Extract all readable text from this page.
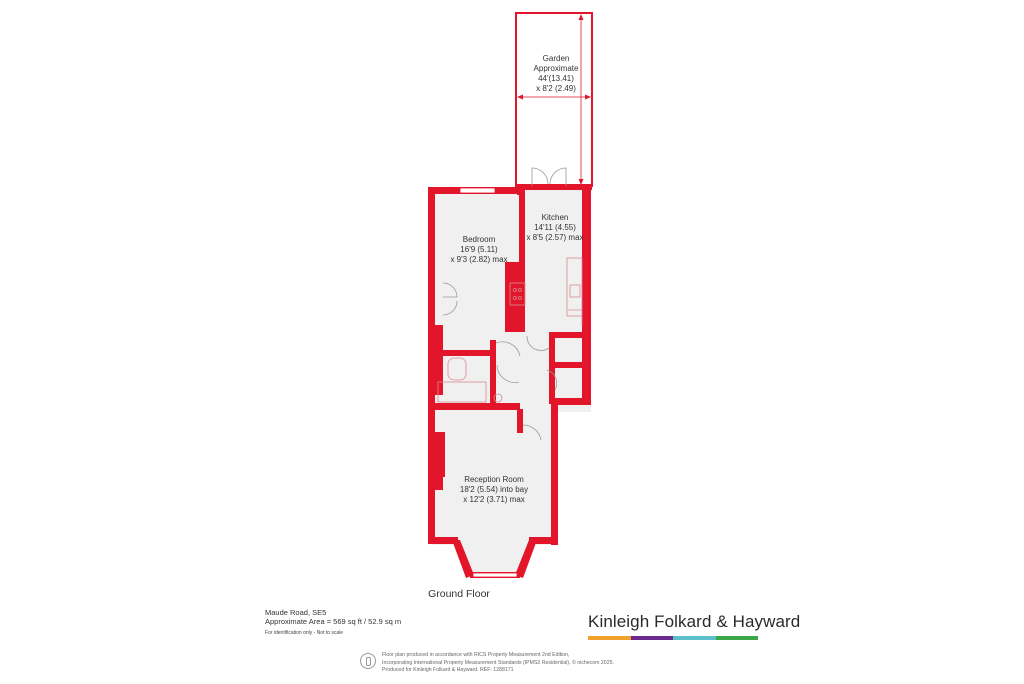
Garden
Approximate
44'(13.41)
x 8'2 (2.49)
Kitchen
14'11 (4.55)
x 8'5 (2.57) max
Bedroom
16'9 (5.11)
x 9'3 (2.82) max
Reception Room
18'2 (5.54) into bay
x 12'2 (3.71) max
Ground Floor
Maude Road, SE5
Approximate Area = 569 sq ft / 52.9 sq m
For identification only - Not to scale
Kinleigh Folkard & Hayward
Floor plan produced in accordance with RICS Property Measurement 2nd Edition,
Incorporating International Property Measurement Standards (IPMS2 Residential). © nichecom 2025.
Produced for Kinleigh Folkard & Hayward. REF: 1288171
